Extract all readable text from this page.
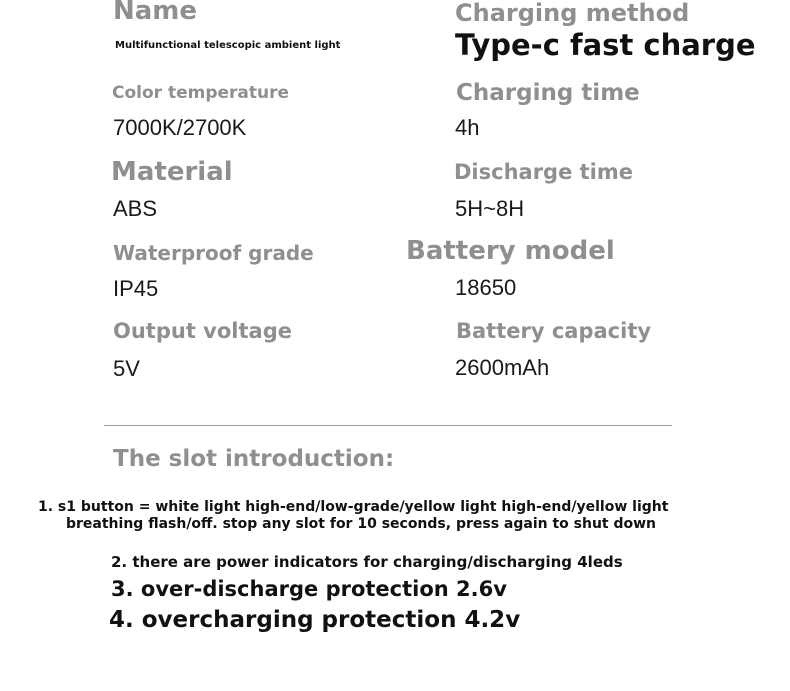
Name
Multifunctional telescopic ambient light
Color temperature
7000K/2700K
Material
ABS
Waterproof grade
IP45
Output voltage
5V
Charging method
Type-c fast charge
Charging time
4h
Discharge time
5H~8H
Battery model
18650
Battery capacity
2600mAh
The slot introduction:
1. s1 button = white light high-end/low-grade/yellow light high-end/yellow light
breathing flash/off. stop any slot for 10 seconds, press again to shut down
2. there are power indicators for charging/discharging 4leds
3. over-discharge protection 2.6v
4. overcharging protection 4.2v
